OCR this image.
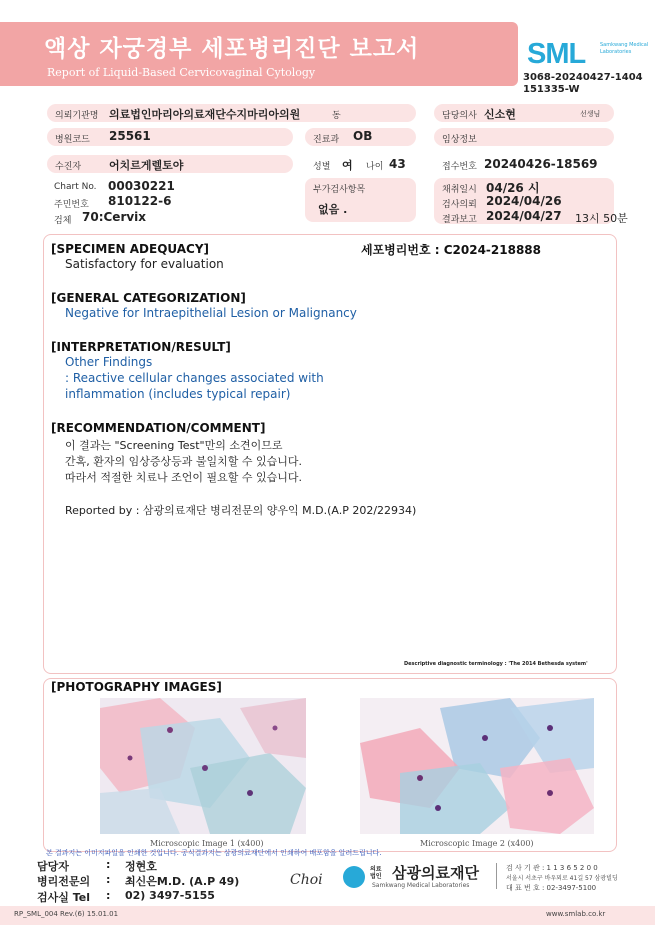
액상 자궁경부 세포병리진단 보고서
Report of Liquid-Based Cervicovaginal Cytology
SML	Samkwang Medical Laboratories
3068-20240427-1404
151335-W
의뢰기관명 의료법인마리아의료재단수지마리아의원	동	담당의사 신소현	선생님
병원코드 25561	진료과 OB	임상정보
수진자	어치르게렐토야	성별 여 나이 43	접수번호 20240426-18569
Chart No. 00030221
주민번호 810122-6
검체 70:Cervix
부가검사항목
없음 .
채취일시 04/26 시
검사의뢰 2024/04/26
결과보고 2024/04/27 13시 50분
[SPECIMEN ADEQUACY]	세포병리번호 : C2024-218888
Satisfactory for evaluation
[GENERAL CATEGORIZATION]
Negative for Intraepithelial Lesion or Malignancy
[INTERPRETATION/RESULT]
Other Findings
: Reactive cellular changes associated with
inflammation (includes typical repair)
[RECOMMENDATION/COMMENT]
이 결과는 "Screening Test"만의 소견이므로
간혹, 환자의 임상증상등과 불일치할 수 있습니다.
따라서 적절한 치료나 조언이 필요할 수 있습니다.
Reported by : 삼광의료재단 병리전문의 양우익 M.D.(A.P 202/22934)
Descriptive diagnostic terminology : 'The 2014 Bethesda system'
[PHOTOGRAPHY IMAGES]
Microscopic Image 1 (x400)	Microscopic Image 2 (x400)
본 결과지는 이미지파일을 인쇄한 것입니다. 공식결과지는 삼광의료재단에서 인쇄하여 배포함을 알려드립니다.
담당자	: 정현호
병리전문의 : 최신은M.D. (A.P 49)
검사실 Tel : 02) 3497-5155
Choi
의료
법인 삼광의료재단
Samkwang Medical Laboratories
검 사 기 관 : 1 1 3 6 5 2 0 0
서울시 서초구 바우뫼로 41길 57 삼광빌딩
대 표 번 호 : 02-3497-5100
RP_SML_004 Rev.(6) 15.01.01	www.smlab.co.kr
